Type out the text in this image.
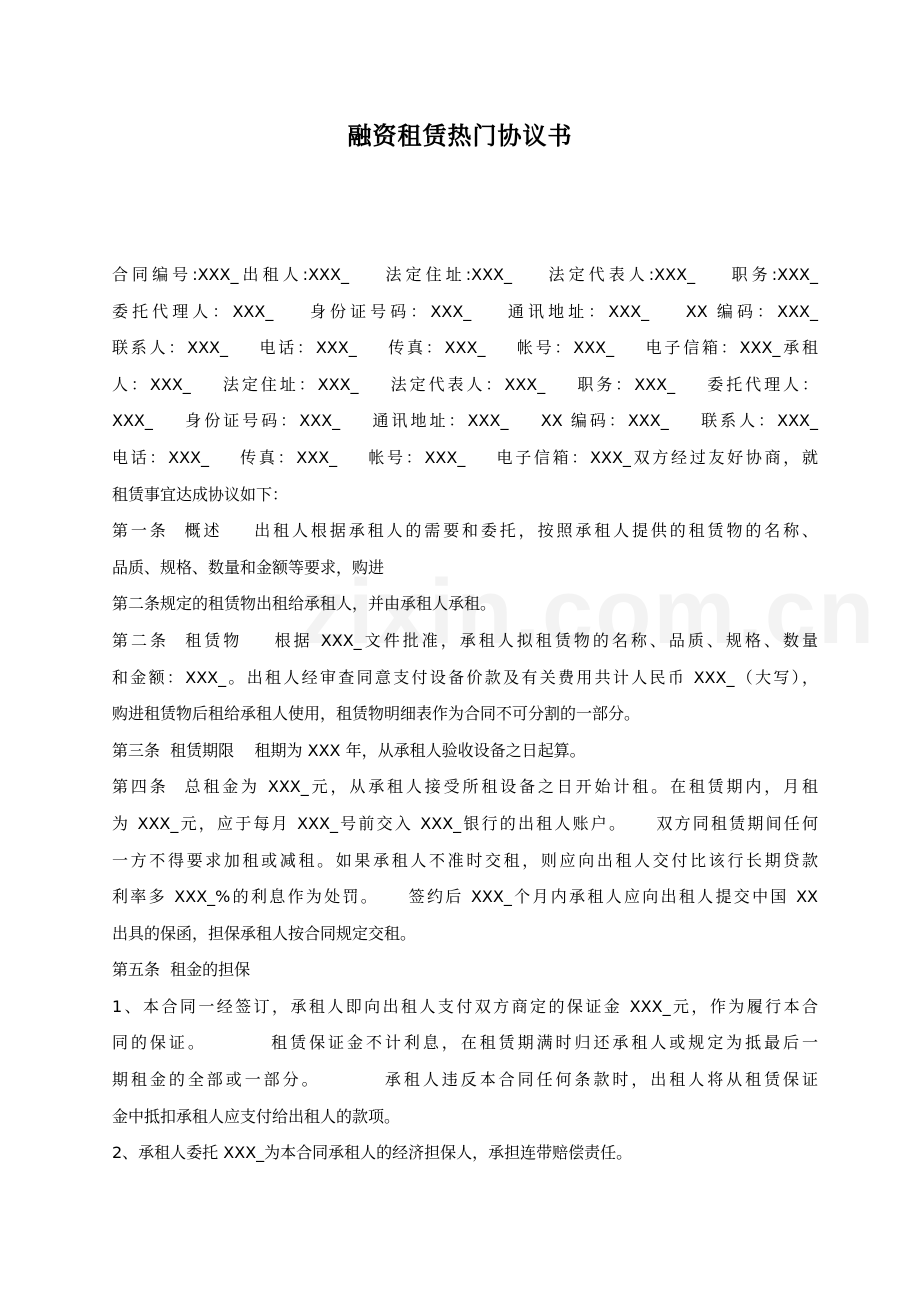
融资租赁热门协议书
合同编号:XXX_出租人:XXX_    法定住址:XXX_    法定代表人:XXX_    职务:XXX_
委托代理人：XXX_    身份证号码：XXX_    通讯地址：XXX_    XX 编码：XXX_
联系人：XXX_    电话：XXX_    传真：XXX_    帐号：XXX_    电子信箱：XXX_承租
人：XXX_    法定住址：XXX_    法定代表人：XXX_    职务：XXX_    委托代理人：
XXX_    身份证号码：XXX_    通讯地址：XXX_    XX 编码：XXX_    联系人：XXX_
电话：XXX_    传真：XXX_    帐号：XXX_    电子信箱：XXX_双方经过友好协商，就
租赁事宜达成协议如下：
第一条  概述    出租人根据承租人的需要和委托，按照承租人提供的租赁物的名称、
品质、规格、数量和金额等要求，购进
第二条规定的租赁物出租给承租人，并由承租人承租。
第二条  租赁物    根据 XXX_文件批准，承租人拟租赁物的名称、品质、规格、数量
和金额：XXX_。出租人经审查同意支付设备价款及有关费用共计人民币 XXX_（大写），
购进租赁物后租给承租人使用，租赁物明细表作为合同不可分割的一部分。
第三条  租赁期限    租期为 XXX 年，从承租人验收设备之日起算。
第四条  总租金为 XXX_元，从承租人接受所租设备之日开始计租。在租赁期内，月租
为 XXX_元，应于每月 XXX_号前交入 XXX_银行的出租人账户。    双方同租赁期间任何
一方不得要求加租或减租。如果承租人不准时交租，则应向出租人交付比该行长期贷款
利率多 XXX_%的利息作为处罚。    签约后 XXX_个月内承租人应向出租人提交中国 XX
出具的保函，担保承租人按合同规定交租。
第五条  租金的担保
1、本合同一经签订，承租人即向出租人支付双方商定的保证金 XXX_元，作为履行本合
同的保证。        租赁保证金不计利息，在租赁期满时归还承租人或规定为抵最后一
期租金的全部或一部分。        承租人违反本合同任何条款时，出租人将从租赁保证
金中抵扣承租人应支付给出租人的款项。
2、承租人委托 XXX_为本合同承租人的经济担保人，承担连带赔偿责任。
